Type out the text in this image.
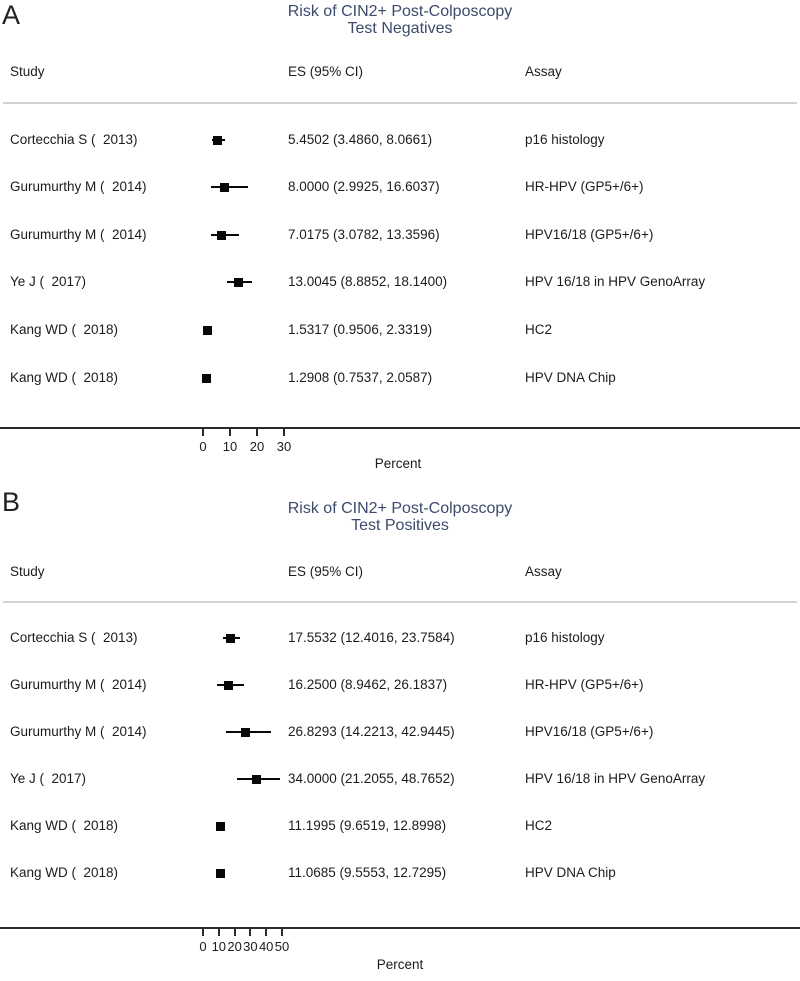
A	Risk of CIN2+ Post-Colposcopy
Test Negatives
Study	ES (95% CI)	Assay
Percent
Cortecchia S (  2013)	5.4502 (3.4860, 8.0661)	p16 histology
Gurumurthy M (  2014)	8.0000 (2.9925, 16.6037)	HR-HPV (GP5+/6+)
Gurumurthy M (  2014)	7.0175 (3.0782, 13.3596)	HPV16/18 (GP5+/6+)
Ye J (  2017)	13.0045 (8.8852, 18.1400)	HPV 16/18 in HPV GenoArray
Kang WD (  2018)	1.5317 (0.9506, 2.3319)	HC2
Kang WD (  2018)	1.2908 (0.7537, 2.0587)	HPV DNA Chip
0 10 20 30
B	Risk of CIN2+ Post-Colposcopy
Test Positives
Study	ES (95% CI)	Assay
Percent
Cortecchia S (  2013)	17.5532 (12.4016, 23.7584)	p16 histology
Gurumurthy M (  2014)	16.2500 (8.9462, 26.1837)	HR-HPV (GP5+/6+)
Gurumurthy M (  2014)	26.8293 (14.2213, 42.9445)	HPV16/18 (GP5+/6+)
Ye J (  2017)	34.0000 (21.2055, 48.7652)	HPV 16/18 in HPV GenoArray
Kang WD (  2018)	11.1995 (9.6519, 12.8998)	HC2
Kang WD (  2018)	11.0685 (9.5553, 12.7295)	HPV DNA Chip
0 10 20 30 40 50
